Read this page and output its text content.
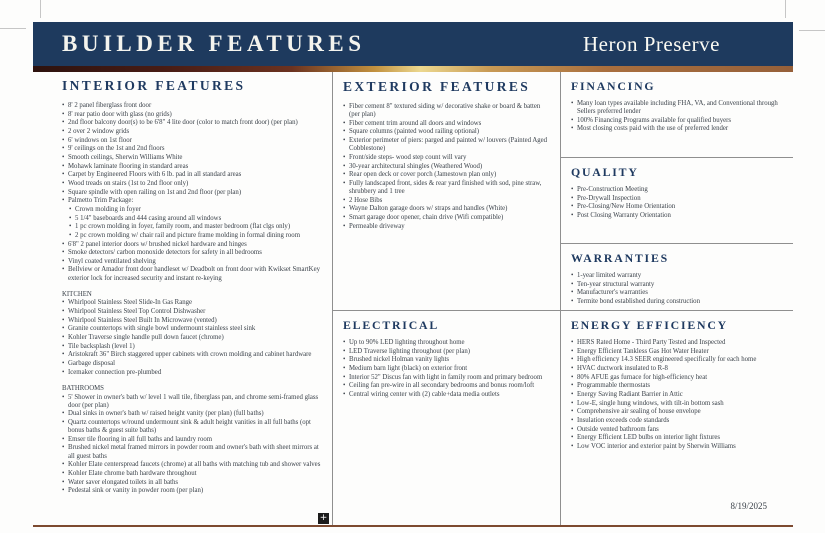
BUILDER FEATURES	Heron Preserve
INTERIOR FEATURES
• 8' 2 panel fiberglass front door
• 8' rear patio door with glass (no grids)
• 2nd floor balcony door(s) to be 6'8" 4 lite door (color to match front door) (per plan)
• 2 over 2 window grids
• 6' windows on 1st floor
• 9' ceilings on the 1st and 2nd floors
• Smooth ceilings, Sherwin Williams White
• Mohawk laminate flooring in standard areas
• Carpet by Engineered Floors with 6 lb. pad in all standard areas
• Wood treads on stairs (1st to 2nd floor only)
• Square spindle with open railing on 1st and 2nd floor (per plan)
• Palmetto Trim Package:
• Crown molding in foyer
• 5 1/4" baseboards and 444 casing around all windows
• 1 pc crown molding in foyer, family room, and master bedroom (flat clgs only)
• 2 pc crown molding w/ chair rail and picture frame molding in formal dining room
• 6'8" 2 panel interior doors w/ brushed nickel hardware and hinges
• Smoke detectors/ carbon monoxide detectors for safety in all bedrooms
• Vinyl coated ventilated shelving
• Bellview or Amador front door handleset w/ Deadbolt on front door with Kwikset SmartKey exterior lock for increased security and instant re-keying
KITCHEN
• Whirlpool Stainless Steel Slide-In Gas Range
• Whirlpool Stainless Steel Top Control Dishwasher
• Whirlpool Stainless Steel Built In Microwave (vented)
• Granite countertops with single bowl undermount stainless steel sink
• Kohler Traverse single handle pull down faucet (chrome)
• Tile backsplash (level 1)
• Aristokraft 36" Birch staggered upper cabinets with crown molding and cabinet hardware
• Garbage disposal
• Icemaker connection pre-plumbed
BATHROOMS
• 5' Shower in owner's bath w/ level 1 wall tile, fiberglass pan, and chrome semi-framed glass door (per plan)
• Dual sinks in owner's bath w/ raised height vanity (per plan) (full baths)
• Quartz countertops w/round undermount sink & adult height vanities in all full baths (opt bonus baths & guest suite baths)
• Emser tile flooring in all full baths and laundry room
• Brushed nickel metal framed mirrors in powder room and owner's bath with sheet mirrors at all guest baths
• Kohler Elate centerspread faucets (chrome) at all baths with matching tub and shower valves
• Kohler Elate chrome bath hardware throughout
• Water saver elongated toilets in all baths
• Pedestal sink or vanity in powder room (per plan)
EXTERIOR FEATURES
• Fiber cement 8" textured siding w/ decorative shake or board & batten (per plan)
• Fiber cement trim around all doors and windows
• Square columns (painted wood railing optional)
• Exterior perimeter of piers: parged and painted w/ louvers (Painted Aged Cobblestone)
• Front/side steps- wood step count will vary
• 30-year architectural shingles (Weathered Wood)
• Rear open deck or cover porch (Jamestown plan only)
• Fully landscaped front, sides & rear yard finished with sod, pine straw, shrubbery and 1 tree
• 2 Hose Bibs
• Wayne Dalton garage doors w/ straps and handles (White)
• Smart garage door opener, chain drive (Wifi compatible)
• Permeable driveway
ELECTRICAL
• Up to 90% LED lighting throughout home
• LED Traverse lighting throughout (per plan)
• Brushed nickel Holman vanity lights
• Medium barn light (black) on exterior front
• Interior 52" Discus fan with light in family room and primary bedroom
• Ceiling fan pre-wire in all secondary bedrooms and bonus room/loft
• Central wiring center with (2) cable+data media outlets
FINANCING
• Many loan types available including FHA, VA, and Conventional through Sellers preferred lender
• 100% Financing Programs available for qualified buyers
• Most closing costs paid with the use of preferred lender
QUALITY
• Pre-Construction Meeting
• Pre-Drywall Inspection
• Pre-Closing/New Home Orientation
• Post Closing Warranty Orientation
WARRANTIES
• 1-year limited warranty
• Ten-year structural warranty
• Manufacturer's warranties
• Termite bond established during construction
ENERGY EFFICIENCY
• HERS Rated Home - Third Party Tested and Inspected
• Energy Efficient Tankless Gas Hot Water Heater
• High efficiency 14.3 SEER engineered specifically for each home
• HVAC ductwork insulated to R-8
• 80% AFUE gas furnace for high-efficiency heat
• Programmable thermostats
• Energy Saving Radiant Barrier in Attic
• Low-E, single hung windows, with tilt-in bottom sash
• Comprehensive air sealing of house envelope
• Insulation exceeds code standards
• Outside vented bathroom fans
• Energy Efficient LED bulbs on interior light fixtures
• Low VOC interior and exterior paint by Sherwin Williams
+
8/19/2025
